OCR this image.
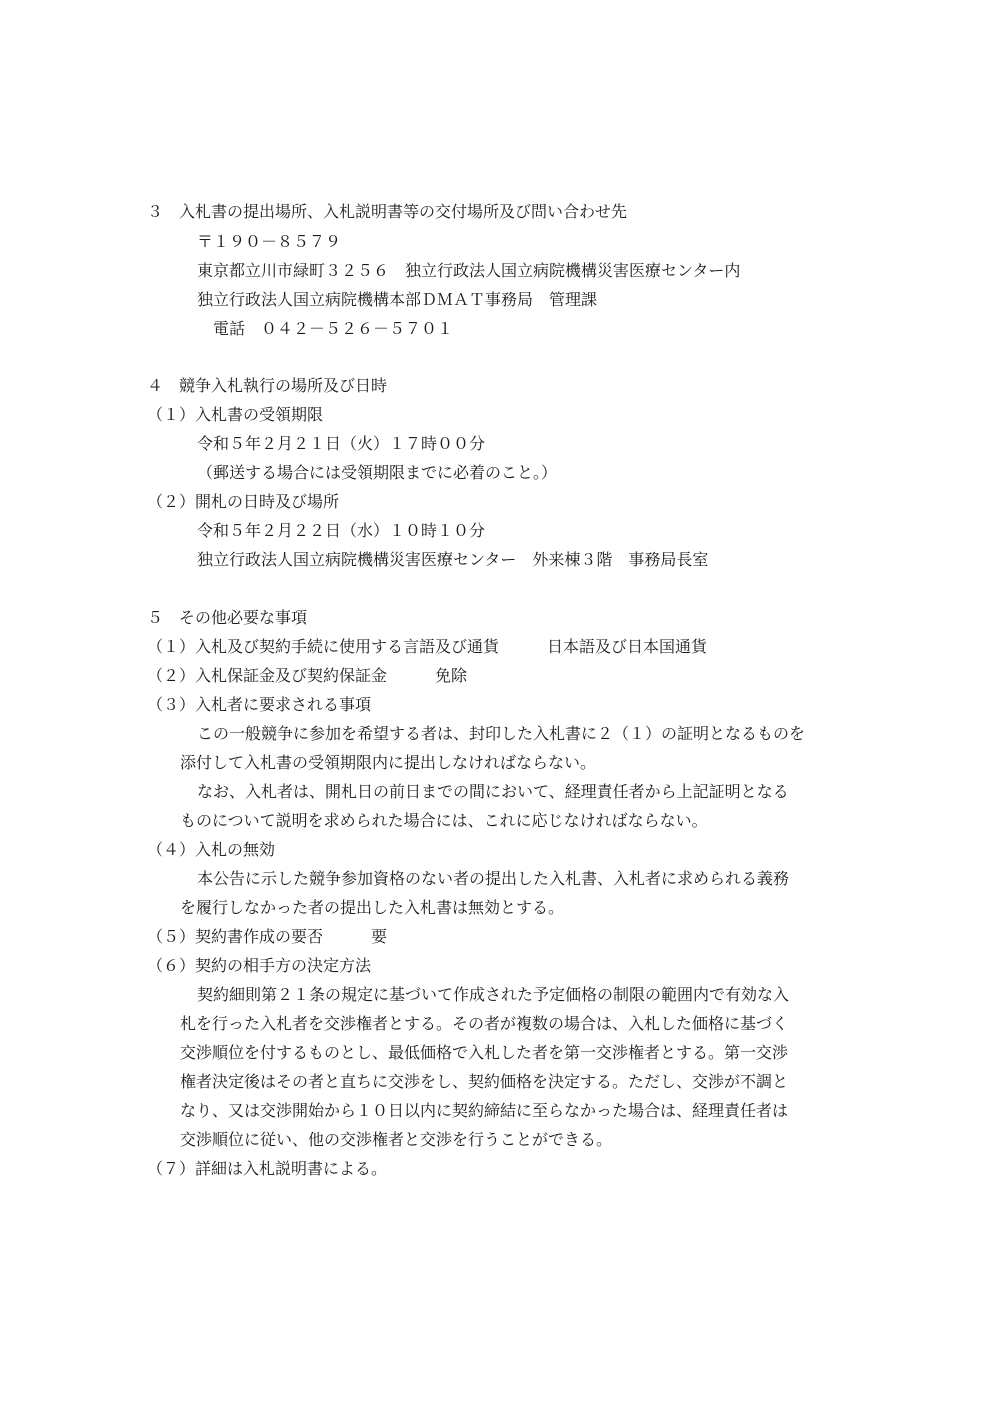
３　入札書の提出場所、入札説明書等の交付場所及び問い合わせ先
〒１９０－８５７９
東京都立川市緑町３２５６　独立行政法人国立病院機構災害医療センター内
独立行政法人国立病院機構本部ＤＭＡＴ事務局　管理課
電話　０４２－５２６－５７０１
４　競争入札執行の場所及び日時
（１）入札書の受領期限
令和５年２月２１日（火）１７時００分
（郵送する場合には受領期限までに必着のこと。）
（２）開札の日時及び場所
令和５年２月２２日（水）１０時１０分
独立行政法人国立病院機構災害医療センター　外来棟３階　事務局長室
５　その他必要な事項
（１）入札及び契約手続に使用する言語及び通貨　　　日本語及び日本国通貨
（２）入札保証金及び契約保証金　　　免除
（３）入札者に要求される事項
この一般競争に参加を希望する者は、封印した入札書に２（１）の証明となるものを
添付して入札書の受領期限内に提出しなければならない。
なお、入札者は、開札日の前日までの間において、経理責任者から上記証明となる
ものについて説明を求められた場合には、これに応じなければならない。
（４）入札の無効
本公告に示した競争参加資格のない者の提出した入札書、入札者に求められる義務
を履行しなかった者の提出した入札書は無効とする。
（５）契約書作成の要否　　　要
（６）契約の相手方の決定方法
契約細則第２１条の規定に基づいて作成された予定価格の制限の範囲内で有効な入
札を行った入札者を交渉権者とする。その者が複数の場合は、入札した価格に基づく
交渉順位を付するものとし、最低価格で入札した者を第一交渉権者とする。第一交渉
権者決定後はその者と直ちに交渉をし、契約価格を決定する。ただし、交渉が不調と
なり、又は交渉開始から１０日以内に契約締結に至らなかった場合は、経理責任者は
交渉順位に従い、他の交渉権者と交渉を行うことができる。
（７）詳細は入札説明書による。
